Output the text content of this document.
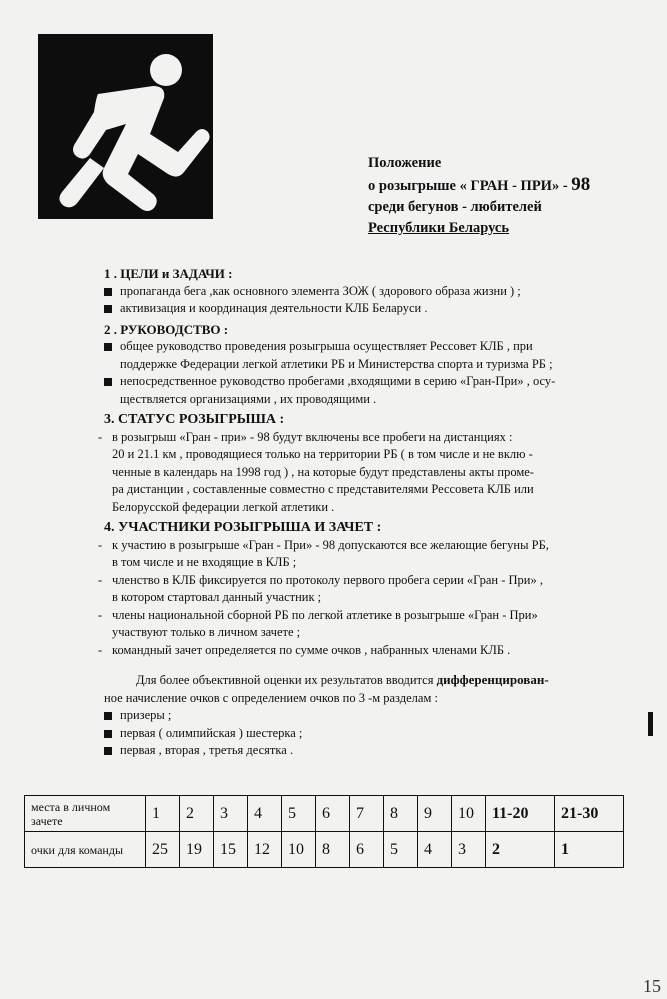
Положение
о розыгрыше « ГРАН - ПРИ» - 98
среди бегунов - любителей
Республики Беларусь
1 . ЦЕЛИ и ЗАДАЧИ :
пропаганда бега ,как основного элемента ЗОЖ ( здорового образа жизни ) ;
активизация и координация деятельности КЛБ Беларуси .
2 . РУКОВОДСТВО :
общее руководство проведения розыгрыша осуществляет Рессовет КЛБ , при
поддержке Федерации легкой атлетики РБ и Министерства спорта и туризма РБ ;
непосредственное руководство пробегами ,входящими в серию «Гран-При» , осу-
ществляется организациями , их проводящими .
3. СТАТУС РОЗЫГРЫША :
- в розыгрыш «Гран - при» - 98 будут включены все пробеги на дистанциях :
20 и 21.1 км , проводящиеся только на территории РБ ( в том числе и не вклю -
ченные в календарь на 1998 год ) , на которые будут представлены акты проме-
ра дистанции , составленные совместно с представителями Рессовета КЛБ или
Белорусской федерации легкой атлетики .
4. УЧАСТНИКИ РОЗЫГРЫША И ЗАЧЕТ :
- к участию в розыгрыше «Гран - При» - 98 допускаются все желающие бегуны РБ,
в том числе и не входящие в КЛБ ;
- членство в КЛБ фиксируется по протоколу первого пробега серии «Гран - При» ,
в котором стартовал данный участник ;
- члены национальной сборной РБ по легкой атлетике в розыгрыше «Гран - При»
участвуют только в личном зачете ;
- командный зачет определяется по сумме очков , набранных членами КЛБ .
Для более объективной оценки их результатов вводится дифференцирован-
ное начисление очков с определением очков по 3 -м разделам :
призеры ;
первая ( олимпийская ) шестерка ;
первая , вторая , третья десятка .
места в личном зачете	1	2	3	4	5	6	7	8	9	10	11-20	21-30
очки для команды	25	19	15	12	10	8	6	5	4	3	2	1
15
